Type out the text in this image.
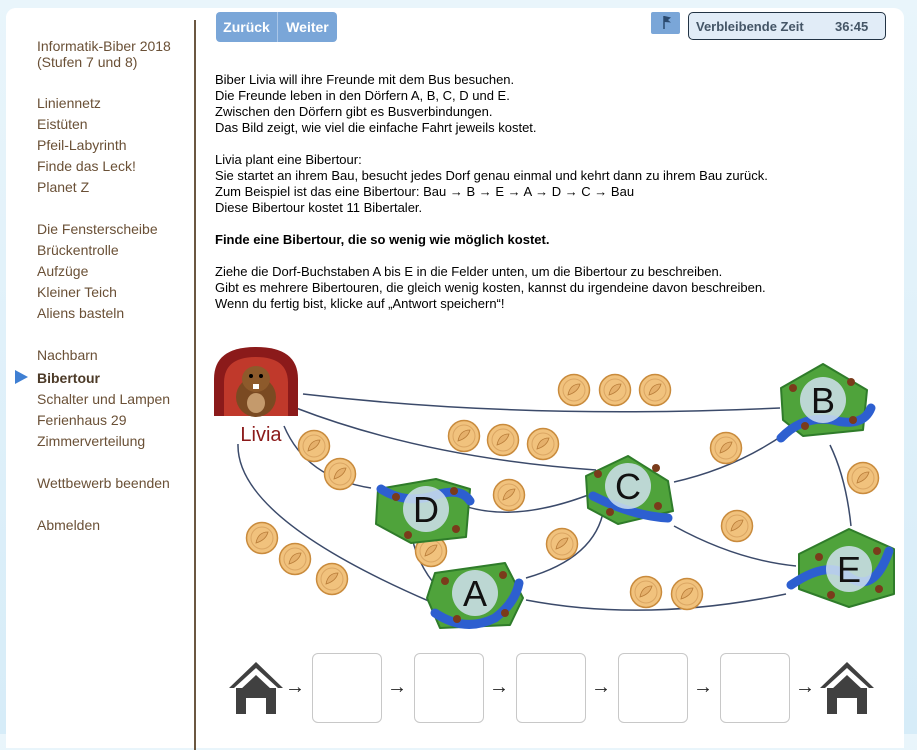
Informatik-Biber 2018
(Stufen 7 und 8)
Liniennetz
Eistüten
Pfeil-Labyrinth
Finde das Leck!
Planet Z
Die Fensterscheibe
Brückentrolle
Aufzüge
Kleiner Teich
Aliens basteln
Nachbarn
Bibertour
Schalter und Lampen
Ferienhaus 29
Zimmerverteilung
Wettbewerb beenden
Abmelden
Zurück	Weiter	Verbleibende Zeit 36:45

Biber Livia will ihre Freunde mit dem Bus besuchen.
Die Freunde leben in den Dörfern A, B, C, D und E.
Zwischen den Dörfern gibt es Busverbindungen.
Das Bild zeigt, wie viel die einfache Fahrt jeweils kostet.

Livia plant eine Bibertour:
Sie startet an ihrem Bau, besucht jedes Dorf genau einmal und kehrt dann zu ihrem Bau zurück.
Zum Beispiel ist das eine Bibertour: Bau → B → E → A → D → C → Bau
Diese Bibertour kostet 11 Bibertaler.

Finde eine Bibertour, die so wenig wie möglich kostet.

Ziehe die Dorf-Buchstaben A bis E in die Felder unten, um die Bibertour zu beschreiben.
Gibt es mehrere Bibertouren, die gleich wenig kosten, kannst du irgendeine davon beschreiben.
Wenn du fertig bist, klicke auf „Antwort speichern“!

Livia
A
B
C
D
E
→	→	→	→	→	→
